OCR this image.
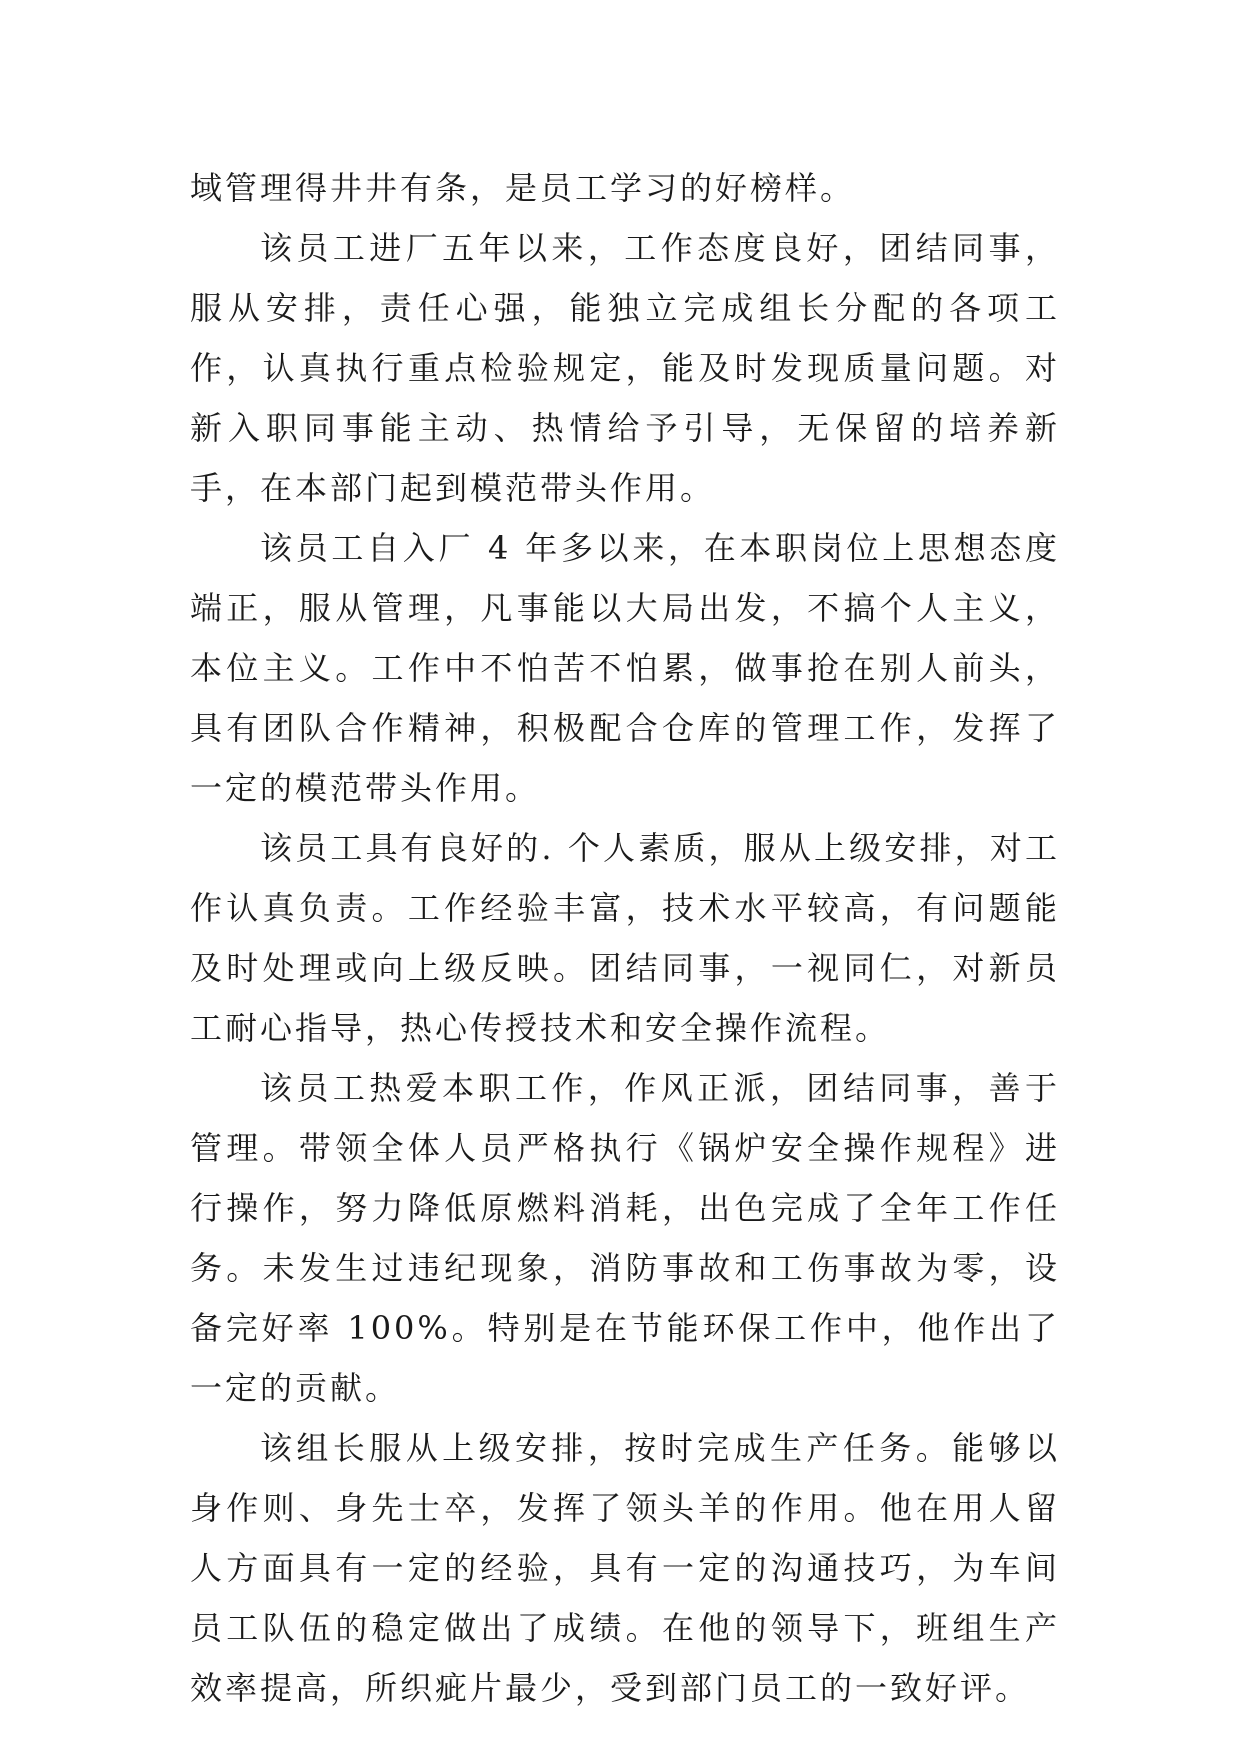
域管理得井井有条，是员工学习的好榜样。

该员工进厂五年以来，工作态度良好，团结同事，服从安排，责任心强，能独立完成组长分配的各项工作，认真执行重点检验规定，能及时发现质量问题。对新入职同事能主动、热情给予引导，无保留的培养新手，在本部门起到模范带头作用。

该员工自入厂 4 年多以来，在本职岗位上思想态度端正，服从管理，凡事能以大局出发，不搞个人主义，本位主义。工作中不怕苦不怕累，做事抢在别人前头，具有团队合作精神，积极配合仓库的管理工作，发挥了一定的模范带头作用。

该员工具有良好的. 个人素质，服从上级安排，对工作认真负责。工作经验丰富，技术水平较高，有问题能及时处理或向上级反映。团结同事，一视同仁，对新员工耐心指导，热心传授技术和安全操作流程。

该员工热爱本职工作，作风正派，团结同事，善于管理。带领全体人员严格执行《锅炉安全操作规程》进行操作，努力降低原燃料消耗，出色完成了全年工作任务。未发生过违纪现象，消防事故和工伤事故为零，设备完好率 100%。特别是在节能环保工作中，他作出了一定的贡献。

该组长服从上级安排，按时完成生产任务。能够以身作则、身先士卒，发挥了领头羊的作用。他在用人留人方面具有一定的经验，具有一定的沟通技巧，为车间员工队伍的稳定做出了成绩。在他的领导下，班组生产效率提高，所织疵片最少，受到部门员工的一致好评。
